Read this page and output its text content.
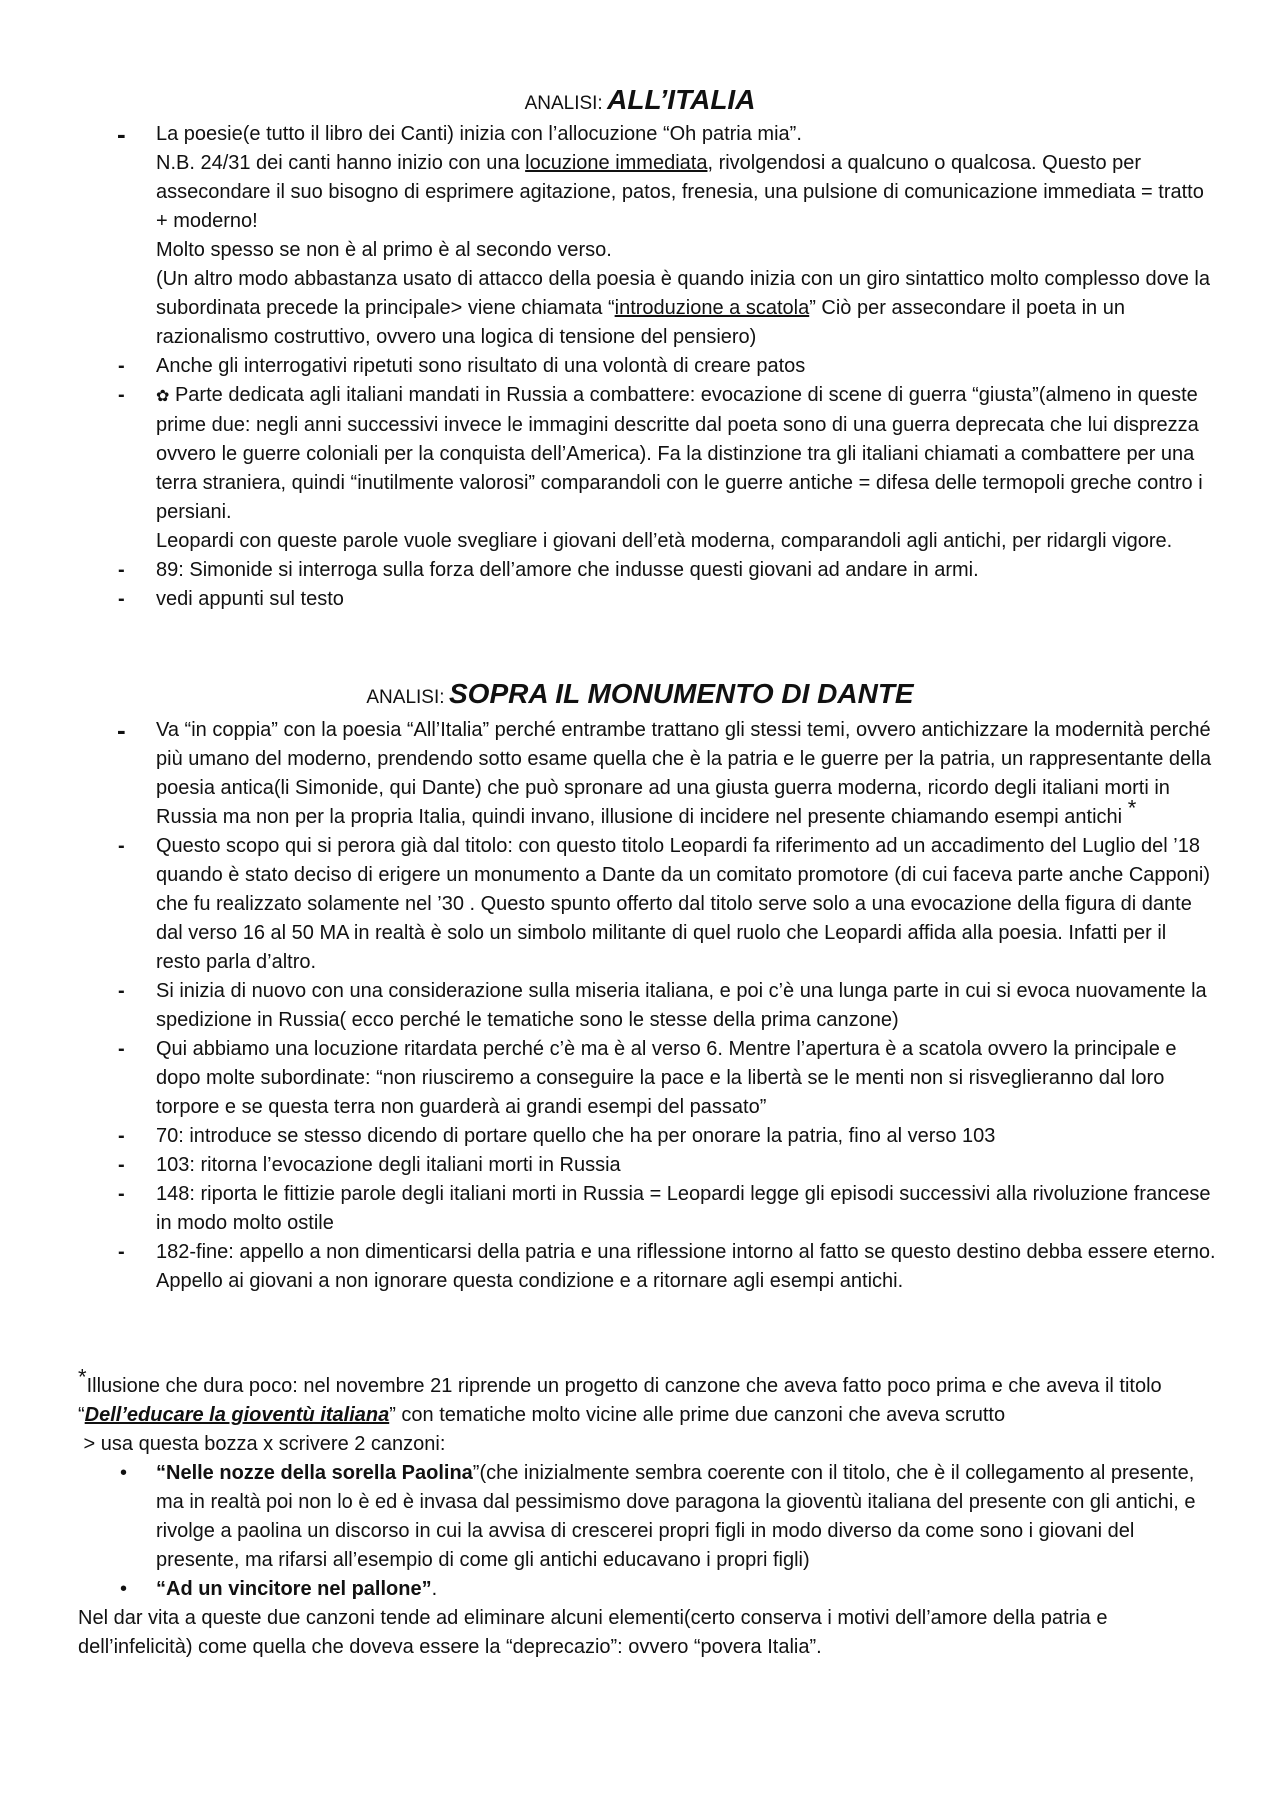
ANALISI: ALL’ITALIA
- La poesie(e tutto il libro dei Canti) inizia con l’allocuzione “Oh patria mia”.
N.B. 24/31 dei canti hanno inizio con una locuzione immediata, rivolgendosi a qualcuno o qualcosa. Questo per assecondare il suo bisogno di esprimere agitazione, patos, frenesia, una pulsione di comunicazione immediata = tratto + moderno!
Molto spesso se non è al primo è al secondo verso.
(Un altro modo abbastanza usato di attacco della poesia è quando inizia con un giro sintattico molto complesso dove la subordinata precede la principale> viene chiamata “introduzione a scatola” Ciò per assecondare il poeta in un razionalismo costruttivo, ovvero una logica di tensione del pensiero)
- Anche gli interrogativi ripetuti sono risultato di una volontà di creare patos
- ✿ Parte dedicata agli italiani mandati in Russia a combattere: evocazione di scene di guerra “giusta”(almeno in queste prime due: negli anni successivi invece le immagini descritte dal poeta sono di una guerra deprecata che lui disprezza ovvero le guerre coloniali per la conquista dell’America). Fa la distinzione tra gli italiani chiamati a combattere per una terra straniera, quindi “inutilmente valorosi” comparandoli con le guerre antiche = difesa delle termopoli greche contro i persiani.
Leopardi con queste parole vuole svegliare i giovani dell’età moderna, comparandoli agli antichi, per ridargli vigore.
- 89: Simonide si interroga sulla forza dell’amore che indusse questi giovani ad andare in armi.
- vedi appunti sul testo
ANALISI: SOPRA IL MONUMENTO DI DANTE
- Va “in coppia” con la poesia “All’Italia” perché entrambe trattano gli stessi temi, ovvero antichizzare la modernità perché più umano del moderno, prendendo sotto esame quella che è la patria e le guerre per la patria, un rappresentante della poesia antica(li Simonide, qui Dante) che può spronare ad una giusta guerra moderna, ricordo degli italiani morti in Russia ma non per la propria Italia, quindi invano, illusione di incidere nel presente chiamando esempi antichi *
- Questo scopo qui si perora già dal titolo: con questo titolo Leopardi fa riferimento ad un accadimento del Luglio del ’18 quando è stato deciso di erigere un monumento a Dante da un comitato promotore (di cui faceva parte anche Capponi) che fu realizzato solamente nel ’30 . Questo spunto offerto dal titolo serve solo a una evocazione della figura di dante dal verso 16 al 50 MA in realtà è solo un simbolo militante di quel ruolo che Leopardi affida alla poesia. Infatti per il resto parla d’altro.
- Si inizia di nuovo con una considerazione sulla miseria italiana, e poi c’è una lunga parte in cui si evoca nuovamente la spedizione in Russia( ecco perché le tematiche sono le stesse della prima canzone)
- Qui abbiamo una locuzione ritardata perché c’è ma è al verso 6. Mentre l’apertura è a scatola ovvero la principale e dopo molte subordinate: “non riusciremo a conseguire la pace e la libertà se le menti non si risveglieranno dal loro torpore e se questa terra non guarderà ai grandi esempi del passato”
- 70: introduce se stesso dicendo di portare quello che ha per onorare la patria, fino al verso 103
- 103: ritorna l’evocazione degli italiani morti in Russia
- 148: riporta le fittizie parole degli italiani morti in Russia = Leopardi legge gli episodi successivi alla rivoluzione francese in modo molto ostile
- 182-fine: appello a non dimenticarsi della patria e una riflessione intorno al fatto se questo destino debba essere eterno. Appello ai giovani a non ignorare questa condizione e a ritornare agli esempi antichi.
*Illusione che dura poco: nel novembre 21 riprende un progetto di canzone che aveva fatto poco prima e che aveva il titolo “Dell’educare la gioventù italiana” con tematiche molto vicine alle prime due canzoni che aveva scrutto
> usa questa bozza x scrivere 2 canzoni:
• “Nelle nozze della sorella Paolina”(che inizialmente sembra coerente con il titolo, che è il collegamento al presente, ma in realtà poi non lo è ed è invasa dal pessimismo dove paragona la gioventù italiana del presente con gli antichi, e rivolge a paolina un discorso in cui la avvisa di crescerei propri figli in modo diverso da come sono i giovani del presente, ma rifarsi all’esempio di come gli antichi educavano i propri figli)
• “Ad un vincitore nel pallone”.
Nel dar vita a queste due canzoni tende ad eliminare alcuni elementi(certo conserva i motivi dell’amore della patria e dell’infelicità) come quella che doveva essere la “deprecazio”: ovvero “povera Italia”.
